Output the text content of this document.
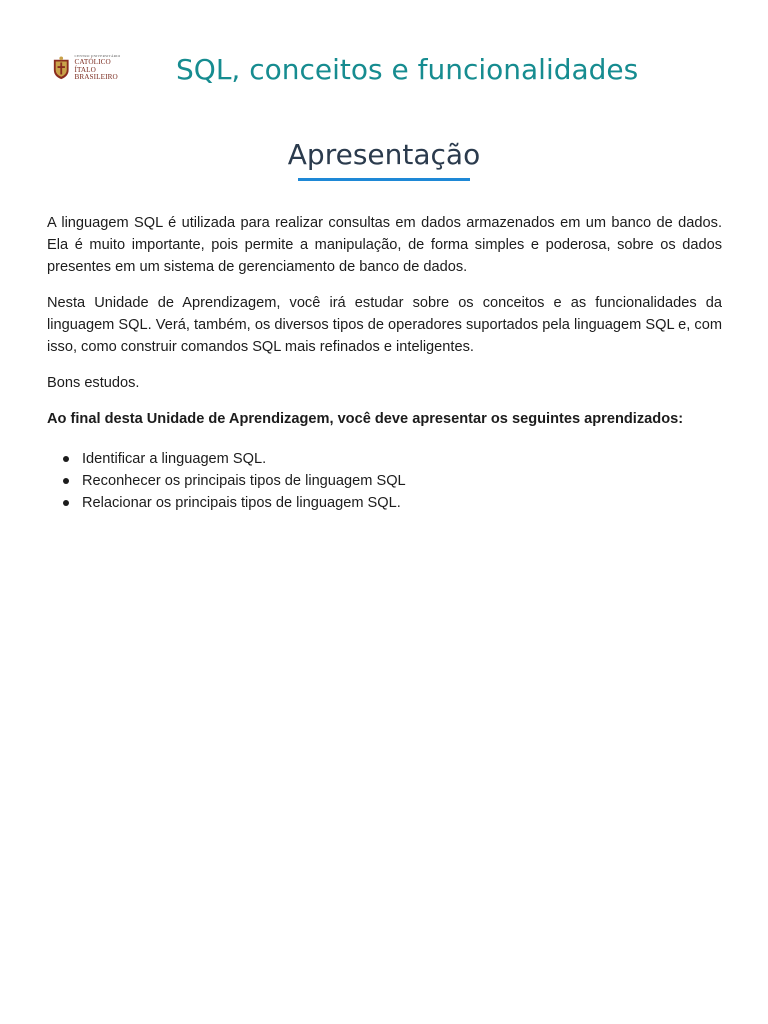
CENTRO UNIVERSITÁRIO
CATÓLICO
ÍTALO BRASILEIRO	SQL, conceitos e funcionalidades
Apresentação

A linguagem SQL é utilizada para realizar consultas em dados armazenados em um banco de dados. Ela é muito importante, pois permite a manipulação, de forma simples e poderosa, sobre os dados presentes em um sistema de gerenciamento de banco de dados.

Nesta Unidade de Aprendizagem, você irá estudar sobre os conceitos e as funcionalidades da linguagem SQL. Verá, também, os diversos tipos de operadores suportados pela linguagem SQL e, com isso, como construir comandos SQL mais refinados e inteligentes.

Bons estudos.

Ao final desta Unidade de Aprendizagem, você deve apresentar os seguintes aprendizados:

Identificar a linguagem SQL.
Reconhecer os principais tipos de linguagem SQL
Relacionar os principais tipos de linguagem SQL.
